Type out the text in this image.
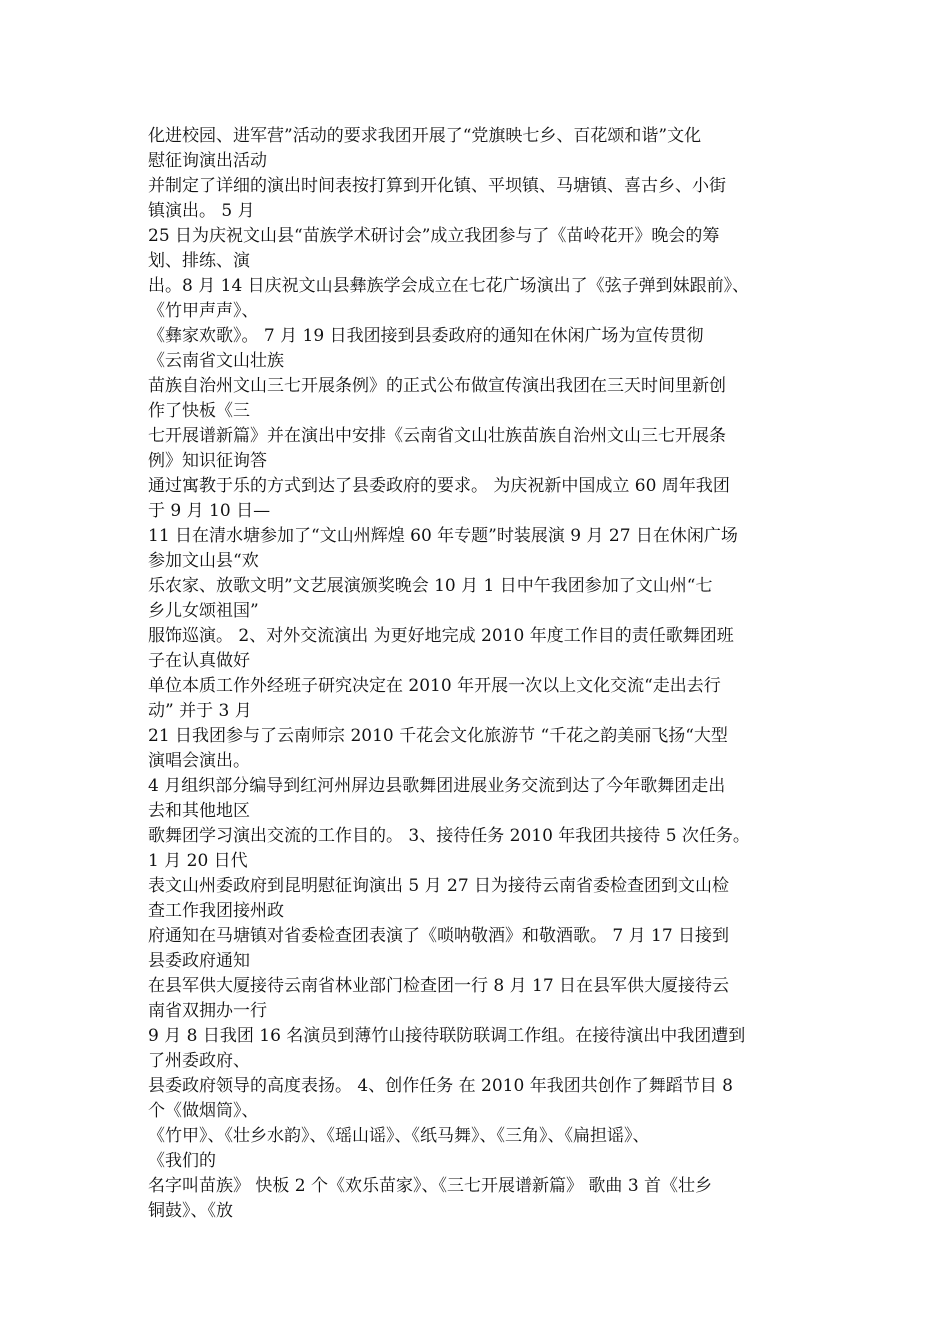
化进校园、进军营”活动的要求我团开展了“党旗映七乡、百花颂和谐”文化
慰征询演出活动
并制定了详细的演出时间表按打算到开化镇、平坝镇、马塘镇、喜古乡、小街
镇演出。 5 月
25 日为庆祝文山县“苗族学术研讨会”成立我团参与了《苗岭花开》晚会的筹
划、排练、演
出。8 月 14 日庆祝文山县彝族学会成立在七花广场演出了《弦子弹到妹跟前》、
《竹甲声声》、
《彝家欢歌》。 7 月 19 日我团接到县委政府的通知在休闲广场为宣传贯彻
《云南省文山壮族
苗族自治州文山三七开展条例》的正式公布做宣传演出我团在三天时间里新创
作了快板《三
七开展谱新篇》并在演出中安排《云南省文山壮族苗族自治州文山三七开展条
例》知识征询答
通过寓教于乐的方式到达了县委政府的要求。 为庆祝新中国成立 60 周年我团
于 9 月 10 日—
11 日在清水塘参加了“文山州辉煌 60 年专题”时装展演 9 月 27 日在休闲广场
参加文山县“欢
乐农家、放歌文明”文艺展演颁奖晚会 10 月 1 日中午我团参加了文山州“七
乡儿女颂祖国”
服饰巡演。 2、对外交流演出 为更好地完成 2010 年度工作目的责任歌舞团班
子在认真做好
单位本质工作外经班子研究决定在 2010 年开展一次以上文化交流“走出去行
动” 并于 3 月
21 日我团参与了云南师宗 2010 千花会文化旅游节 “千花之韵美丽飞扬“大型
演唱会演出。
4 月组织部分编导到红河州屏边县歌舞团进展业务交流到达了今年歌舞团走出
去和其他地区
歌舞团学习演出交流的工作目的。 3、接待任务 2010 年我团共接待 5 次任务。
1 月 20 日代
表文山州委政府到昆明慰征询演出 5 月 27 日为接待云南省委检查团到文山检
查工作我团接州政
府通知在马塘镇对省委检查团表演了《唢呐敬酒》和敬酒歌。 7 月 17 日接到
县委政府通知
在县军供大厦接待云南省林业部门检查团一行 8 月 17 日在县军供大厦接待云
南省双拥办一行
9 月 8 日我团 16 名演员到薄竹山接待联防联调工作组。在接待演出中我团遭到
了州委政府、
县委政府领导的高度表扬。 4、创作任务 在 2010 年我团共创作了舞蹈节目 8
个《做烟筒》、
《竹甲》、《壮乡水韵》、《瑶山谣》、《纸马舞》、《三角》、《扁担谣》、
《我们的
名字叫苗族》 快板 2 个《欢乐苗家》、《三七开展谱新篇》 歌曲 3 首《壮乡
铜鼓》、《放
